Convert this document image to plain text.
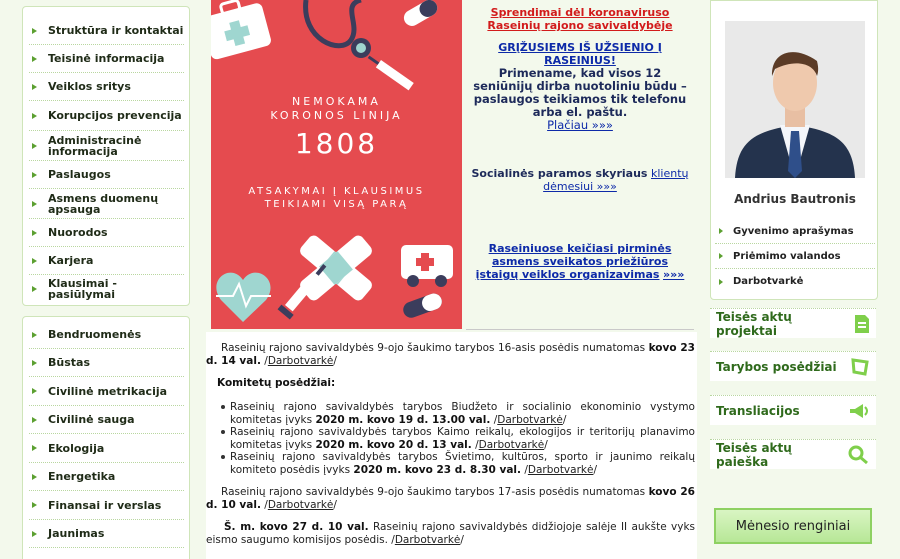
Struktūra ir kontaktai
Teisinė informacija
Veiklos sritys
Korupcijos prevencija
Administracinė informacija
Paslaugos
Asmens duomenų apsauga
Nuorodos
Karjera
Klausimai - pasiūlymai
Bendruomenės
Būstas
Civilinė metrikacija
Civilinė sauga
Ekologija
Energetika
Finansai ir verslas
Jaunimas
NEMOKAMA
KORONOS LINIJA
1808
ATSAKYMAI Į KLAUSIMUS
TEIKIAMI VISĄ PARĄ
Sprendimai dėl koronaviruso Raseinių rajono savivaldybėje
GRĮŽUSIEMS IŠ UŽSIENIO Į RASEINIUS!
Primename, kad visos 12 seniūnijų dirba nuotoliniu būdu – paslaugos teikiamos tik telefonu arba el. paštu.
Plačiau »»»
Socialinės paramos skyriaus klientų dėmesiui »»»
Raseiniuose keičiasi pirminės asmens sveikatos priežiūros įstaigų veiklos organizavimas »»»
Raseinių rajono savivaldybės 9-ojo šaukimo tarybos 16-asis posėdis numatomas kovo 23 d. 14 val. /Darbotvarkė/
Komitetų posėdžiai:
Raseinių rajono savivaldybės tarybos Biudžeto ir socialinio ekonominio vystymo komitetas įvyks 2020 m. kovo 19 d. 13.00 val. /Darbotvarkė/
Raseinių rajono savivaldybės tarybos Kaimo reikalų, ekologijos ir teritorijų planavimo komitetas įvyks 2020 m. kovo 20 d. 13 val. /Darbotvarkė/
Raseinių rajono savivaldybės tarybos Švietimo, kultūros, sporto ir jaunimo reikalų komiteto posėdis įvyks 2020 m. kovo 23 d. 8.30 val. /Darbotvarkė/
Raseinių rajono savivaldybės 9-ojo šaukimo tarybos 17-asis posėdis numatomas kovo 26 d. 10 val. /Darbotvarkė/
Š. m. kovo 27 d. 10 val. Raseinių rajono savivaldybės didžiojoje salėje II aukšte vyks eismo saugumo komisijos posėdis. /Darbotvarkė/
Andrius Bautronis
Gyvenimo aprašymas
Priėmimo valandos
Darbotvarkė
Teisės aktų projektai
Tarybos posėdžiai
Transliacijos
Teisės aktų paieška
Mėnesio renginiai
